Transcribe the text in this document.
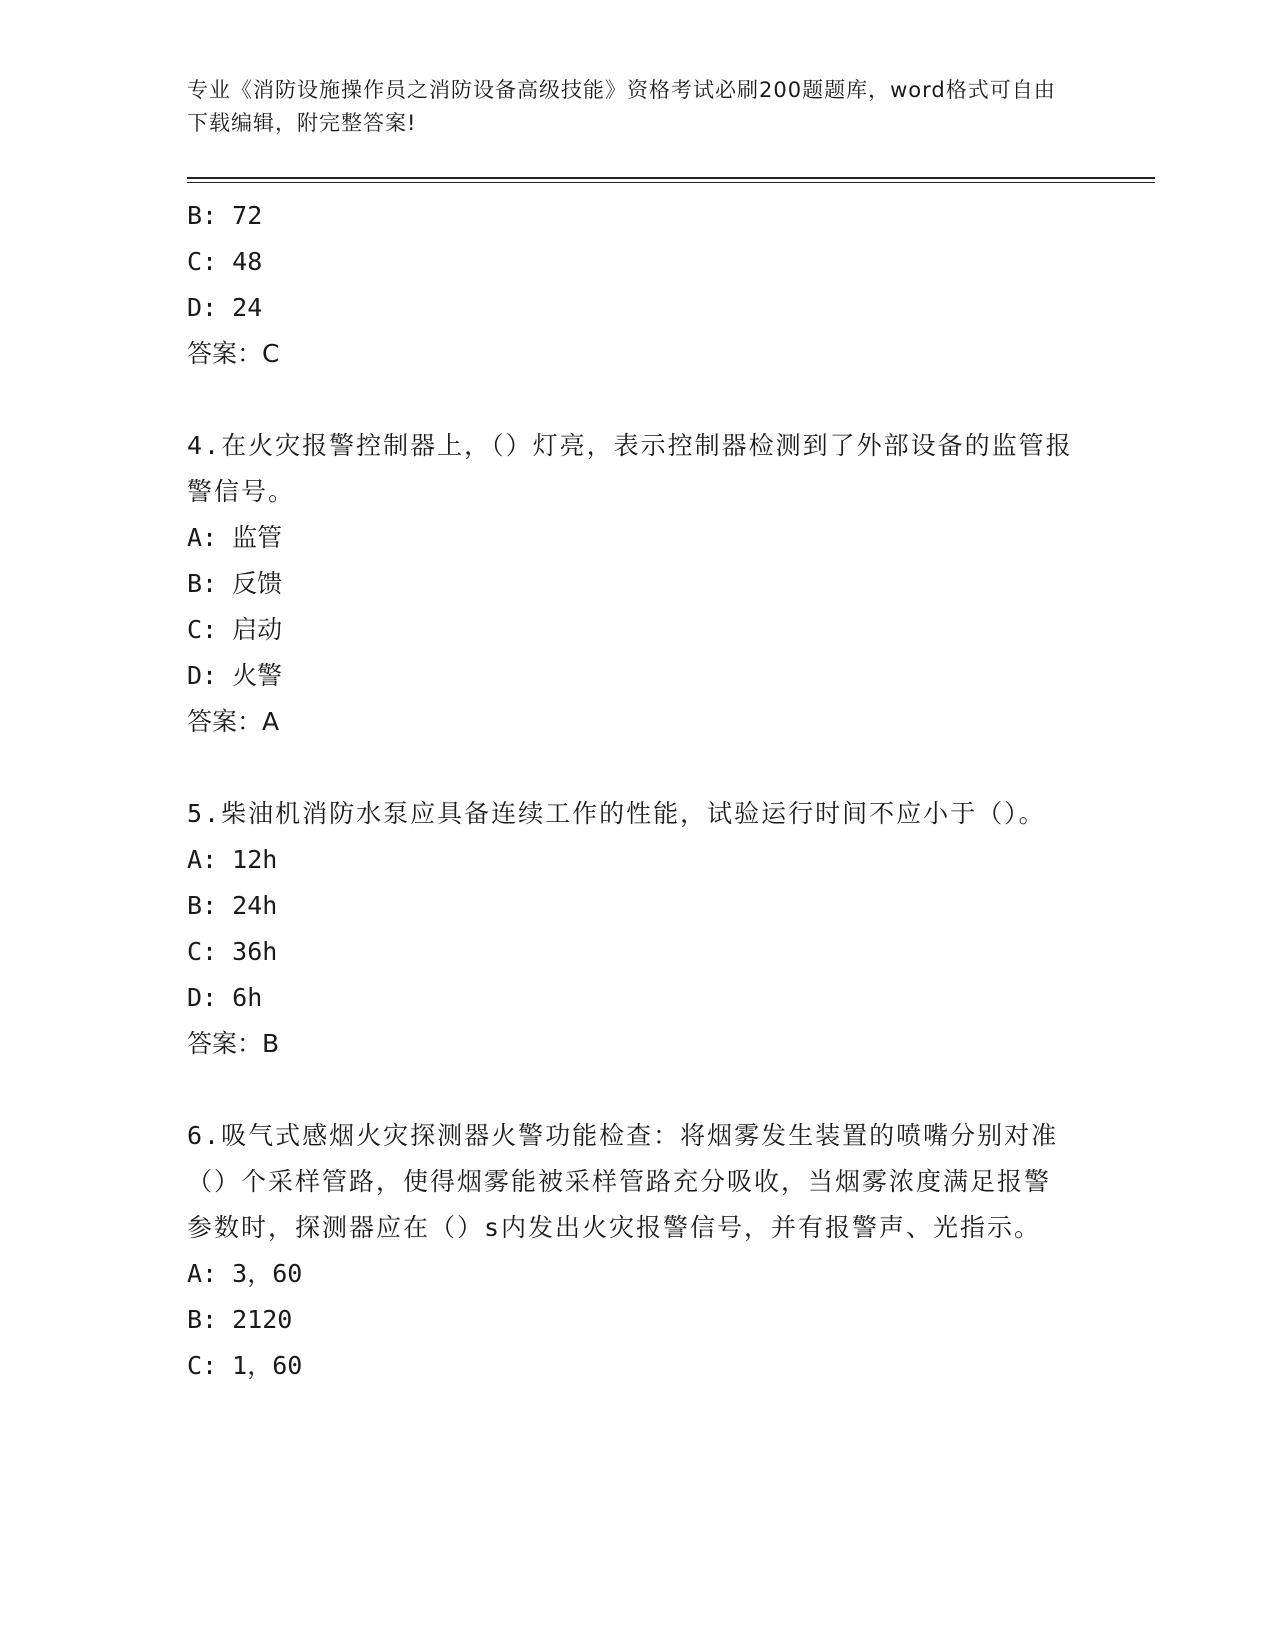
专业《消防设施操作员之消防设备高级技能》资格考试必刷200题题库，word格式可自由下载编辑，附完整答案!
B: 72
C: 48
D: 24
答案：C
4.在火灾报警控制器上，（）灯亮，表示控制器检测到了外部设备的监管报警信号。
A: 监管
B: 反馈
C: 启动
D: 火警
答案：A
5.柴油机消防水泵应具备连续工作的性能，试验运行时间不应小于（）。
A: 12h
B: 24h
C: 36h
D: 6h
答案：B
6.吸气式感烟火灾探测器火警功能检查：将烟雾发生装置的喷嘴分别对准（）个采样管路，使得烟雾能被采样管路充分吸收，当烟雾浓度满足报警参数时，探测器应在（）s内发出火灾报警信号，并有报警声、光指示。
A: 3，60
B: 2120
C: 1，60
